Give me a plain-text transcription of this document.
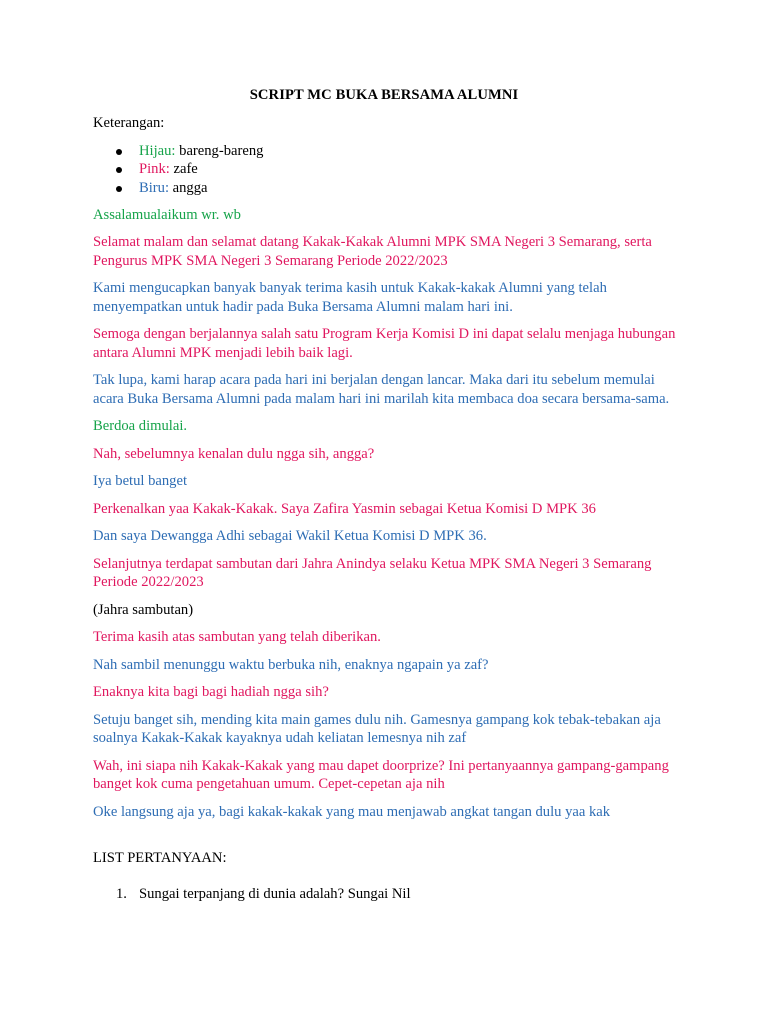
SCRIPT MC BUKA BERSAMA ALUMNI

Keterangan:

Hijau: bareng-bareng
Pink: zafe
Biru: angga

Assalamualaikum wr. wb

Selamat malam dan selamat datang Kakak-Kakak Alumni MPK SMA Negeri 3 Semarang, serta Pengurus MPK SMA Negeri 3 Semarang Periode 2022/2023

Kami mengucapkan banyak banyak terima kasih untuk Kakak-kakak Alumni yang telah menyempatkan untuk hadir pada Buka Bersama Alumni malam hari ini.

Semoga dengan berjalannya salah satu Program Kerja Komisi D ini dapat selalu menjaga hubungan antara Alumni MPK menjadi lebih baik lagi.

Tak lupa, kami harap acara pada hari ini berjalan dengan lancar. Maka dari itu sebelum memulai acara Buka Bersama Alumni pada malam hari ini marilah kita membaca doa secara bersama-sama.

Berdoa dimulai.

Nah, sebelumnya kenalan dulu ngga sih, angga?

Iya betul banget

Perkenalkan yaa Kakak-Kakak. Saya Zafira Yasmin sebagai Ketua Komisi D MPK 36

Dan saya Dewangga Adhi sebagai Wakil Ketua Komisi D MPK 36.

Selanjutnya terdapat sambutan dari Jahra Anindya selaku Ketua MPK SMA Negeri 3 Semarang Periode 2022/2023

(Jahra sambutan)

Terima kasih atas sambutan yang telah diberikan.

Nah sambil menunggu waktu berbuka nih, enaknya ngapain ya zaf?

Enaknya kita bagi bagi hadiah ngga sih?

Setuju banget sih, mending kita main games dulu nih. Gamesnya gampang kok tebak-tebakan aja soalnya Kakak-Kakak kayaknya udah keliatan lemesnya nih zaf

Wah, ini siapa nih Kakak-Kakak yang mau dapet doorprize? Ini pertanyaannya gampang-gampang banget kok cuma pengetahuan umum. Cepet-cepetan aja nih

Oke langsung aja ya, bagi kakak-kakak yang mau menjawab angkat tangan dulu yaa kak

LIST PERTANYAAN:

1. Sungai terpanjang di dunia adalah? Sungai Nil
